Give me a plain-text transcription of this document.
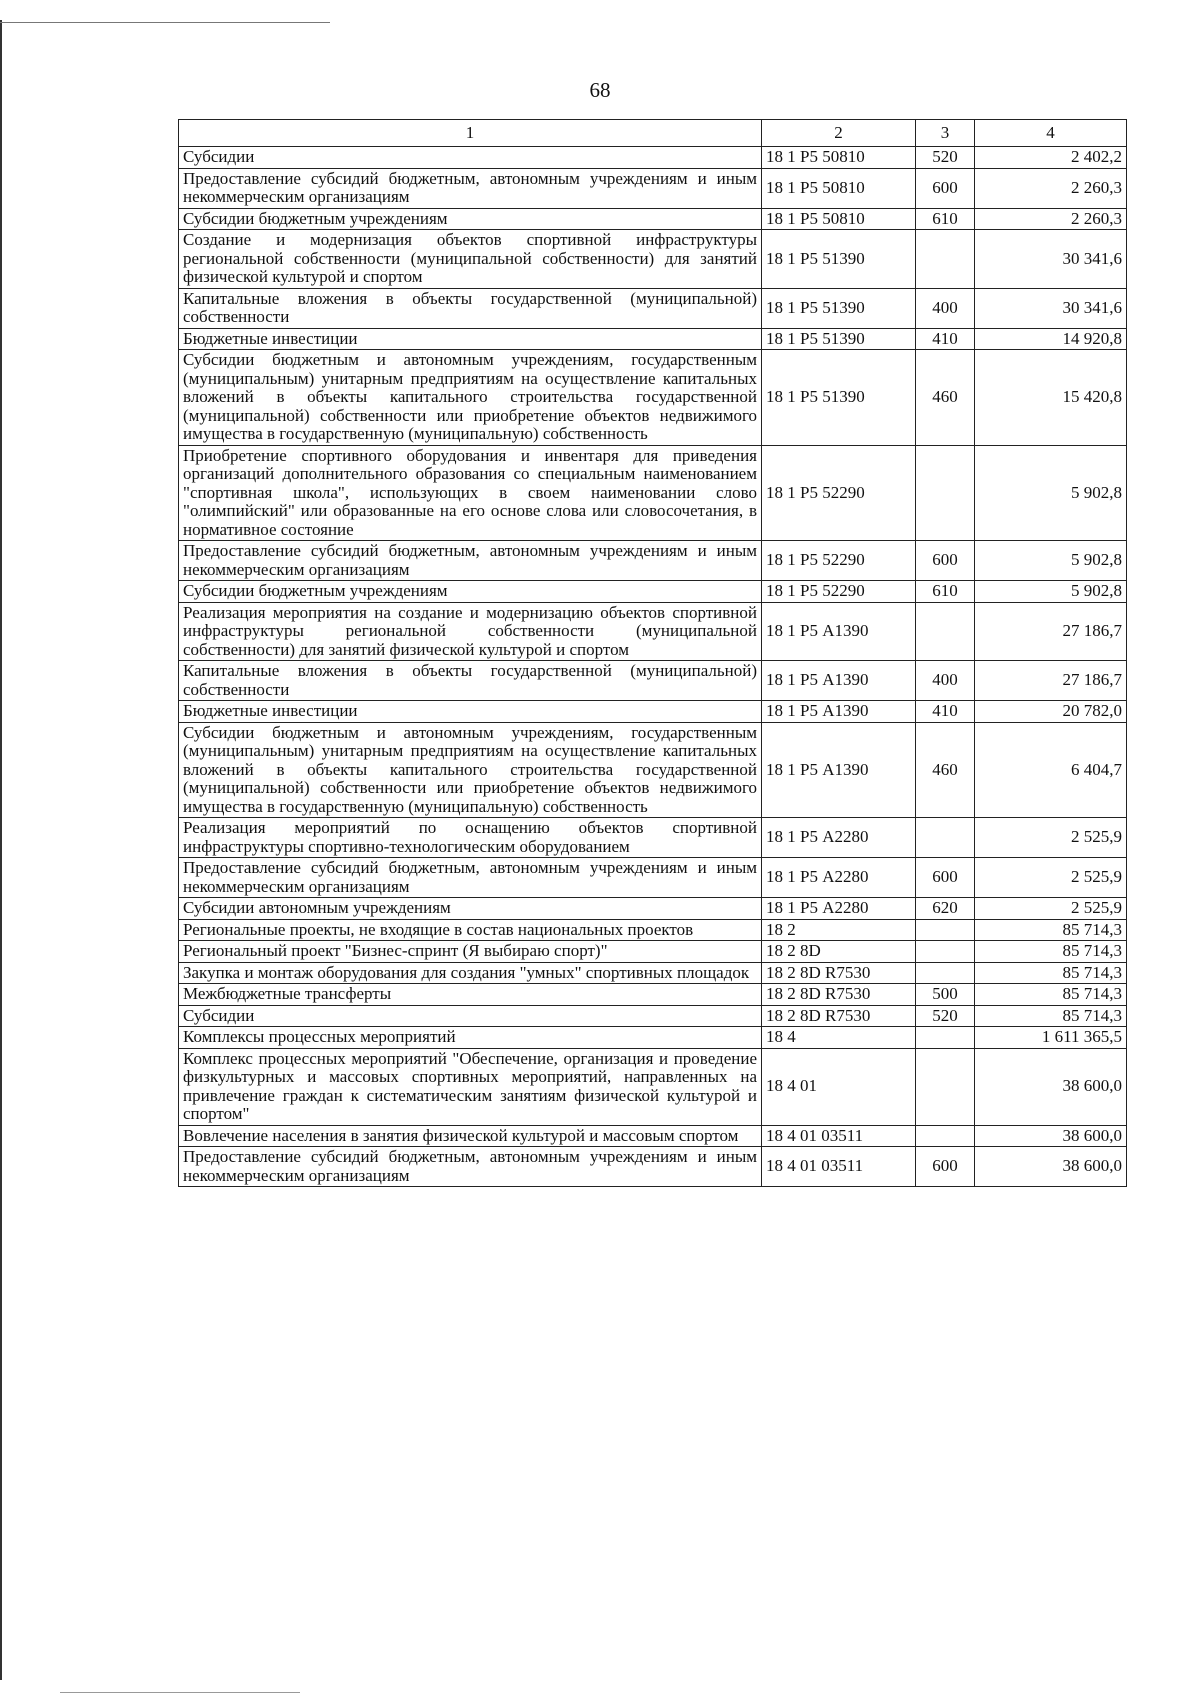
68
1	2	3	4
Субсидии	18 1 Р5 50810	520	2 402,2
Предоставление субсидий бюджетным, автономным учреждениям и иным некоммерческим организациям	18 1 Р5 50810	600	2 260,3
Субсидии бюджетным учреждениям	18 1 Р5 50810	610	2 260,3
Создание и модернизация объектов спортивной инфраструктуры региональной собственности (муниципальной собственности) для занятий физической культурой и спортом	18 1 Р5 51390		30 341,6
Капитальные вложения в объекты государственной (муниципальной) собственности	18 1 Р5 51390	400	30 341,6
Бюджетные инвестиции	18 1 Р5 51390	410	14 920,8
Субсидии бюджетным и автономным учреждениям, государственным (муниципальным) унитарным предприятиям на осуществление капитальных вложений в объекты капитального строительства государственной (муниципальной) собственности или приобретение объектов недвижимого имущества в государственную (муниципальную) собственность	18 1 Р5 51390	460	15 420,8
Приобретение спортивного оборудования и инвентаря для приведения организаций дополнительного образования со специальным наименованием "спортивная школа", использующих в своем наименовании слово "олимпийский" или образованные на его основе слова или словосочетания, в нормативное состояние	18 1 Р5 52290		5 902,8
Предоставление субсидий бюджетным, автономным учреждениям и иным некоммерческим организациям	18 1 Р5 52290	600	5 902,8
Субсидии бюджетным учреждениям	18 1 Р5 52290	610	5 902,8
Реализация мероприятия на создание и модернизацию объектов спортивной инфраструктуры региональной собственности (муниципальной собственности) для занятий физической культурой и спортом	18 1 Р5 А1390		27 186,7
Капитальные вложения в объекты государственной (муниципальной) собственности	18 1 Р5 А1390	400	27 186,7
Бюджетные инвестиции	18 1 Р5 А1390	410	20 782,0
Субсидии бюджетным и автономным учреждениям, государственным (муниципальным) унитарным предприятиям на осуществление капитальных вложений в объекты капитального строительства государственной (муниципальной) собственности или приобретение объектов недвижимого имущества в государственную (муниципальную) собственность	18 1 Р5 А1390	460	6 404,7
Реализация мероприятий по оснащению объектов спортивной инфраструктуры спортивно-технологическим оборудованием	18 1 Р5 А2280		2 525,9
Предоставление субсидий бюджетным, автономным учреждениям и иным некоммерческим организациям	18 1 Р5 А2280	600	2 525,9
Субсидии автономным учреждениям	18 1 Р5 А2280	620	2 525,9
Региональные проекты, не входящие в состав национальных проектов	18 2		85 714,3
Региональный проект "Бизнес-спринт (Я выбираю спорт)"	18 2 8D		85 714,3
Закупка и монтаж оборудования для создания "умных" спортивных площадок	18 2 8D R7530		85 714,3
Межбюджетные трансферты	18 2 8D R7530	500	85 714,3
Субсидии	18 2 8D R7530	520	85 714,3
Комплексы процессных мероприятий	18 4		1 611 365,5
Комплекс процессных мероприятий "Обеспечение, организация и проведение физкультурных и массовых спортивных мероприятий, направленных на привлечение граждан к систематическим занятиям физической культурой и спортом"	18 4 01		38 600,0
Вовлечение населения в занятия физической культурой и массовым спортом	18 4 01 03511		38 600,0
Предоставление субсидий бюджетным, автономным учреждениям и иным некоммерческим организациям	18 4 01 03511	600	38 600,0
